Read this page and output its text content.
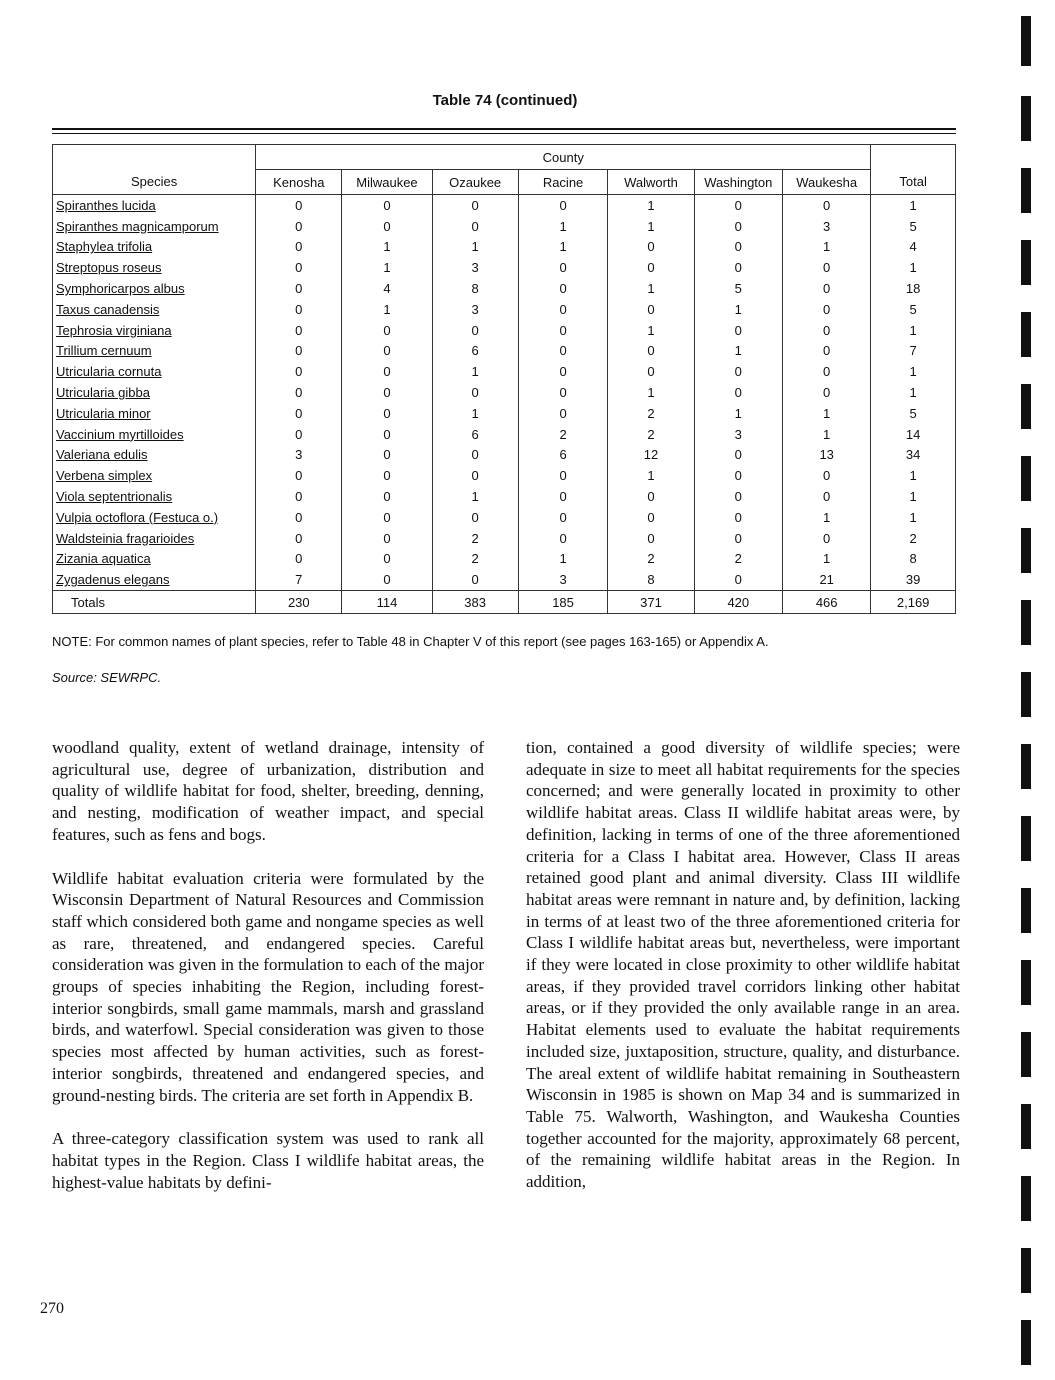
Table 74 (continued)
	County							
Species	Kenosha	Milwaukee	Ozaukee	Racine	Walworth	Washington	Waukesha	Total
Spiranthes lucida	0	0	0	0	1	0	0	1
Spiranthes magnicamporum	0	0	0	1	1	0	3	5
Staphylea trifolia	0	1	1	1	0	0	1	4
Streptopus roseus	0	1	3	0	0	0	0	1
Symphoricarpos albus	0	4	8	0	1	5	0	18
Taxus canadensis	0	1	3	0	0	1	0	5
Tephrosia virginiana	0	0	0	0	1	0	0	1
Trillium cernuum	0	0	6	0	0	1	0	7
Utricularia cornuta	0	0	1	0	0	0	0	1
Utricularia gibba	0	0	0	0	1	0	0	1
Utricularia minor	0	0	1	0	2	1	1	5
Vaccinium myrtilloides	0	0	6	2	2	3	1	14
Valeriana edulis	3	0	0	6	12	0	13	34
Verbena simplex	0	0	0	0	1	0	0	1
Viola septentrionalis	0	0	1	0	0	0	0	1
Vulpia octoflora (Festuca o.)	0	0	0	0	0	0	1	1
Waldsteinia fragarioides	0	0	2	0	0	0	0	2
Zizania aquatica	0	0	2	1	2	2	1	8
Zygadenus elegans	7	0	0	3	8	0	21	39
Totals	230	114	383	185	371	420	466	2,169
NOTE: For common names of plant species, refer to Table 48 in Chapter V of this report (see pages 163-165) or Appendix A.
Source: SEWRPC.

woodland quality, extent of wetland drainage, intensity of agricultural use, degree of urbanization, distribution and quality of wildlife habitat for food, shelter, breeding, denning, and nesting, modification of weather impact, and special features, such as fens and bogs.

Wildlife habitat evaluation criteria were formulated by the Wisconsin Department of Natural Resources and Commission staff which considered both game and nongame species as well as rare, threatened, and endangered species. Careful consideration was given in the formulation to each of the major groups of species inhabiting the Region, including forest-interior songbirds, small game mammals, marsh and grassland birds, and waterfowl. Special consideration was given to those species most affected by human activities, such as forest-interior songbirds, threatened and endangered species, and ground-nesting birds. The criteria are set forth in Appendix B.

A three-category classification system was used to rank all habitat types in the Region. Class I wildlife habitat areas, the highest-value habitats by defini-

tion, contained a good diversity of wildlife species; were adequate in size to meet all habitat requirements for the species concerned; and were generally located in proximity to other wildlife habitat areas. Class II wildlife habitat areas were, by definition, lacking in terms of one of the three aforementioned criteria for a Class I habitat area. However, Class II areas retained good plant and animal diversity. Class III wildlife habitat areas were remnant in nature and, by definition, lacking in terms of at least two of the three aforementioned criteria for Class I wildlife habitat areas but, nevertheless, were important if they were located in close proximity to other wildlife habitat areas, if they provided travel corridors linking other habitat areas, or if they provided the only available range in an area. Habitat elements used to evaluate the habitat requirements included size, juxtaposition, structure, quality, and disturbance. The areal extent of wildlife habitat remaining in Southeastern Wisconsin in 1985 is shown on Map 34 and is summarized in Table 75. Walworth, Washington, and Waukesha Counties together accounted for the majority, approximately 68 percent, of the remaining wildlife habitat areas in the Region. In addition,

270
